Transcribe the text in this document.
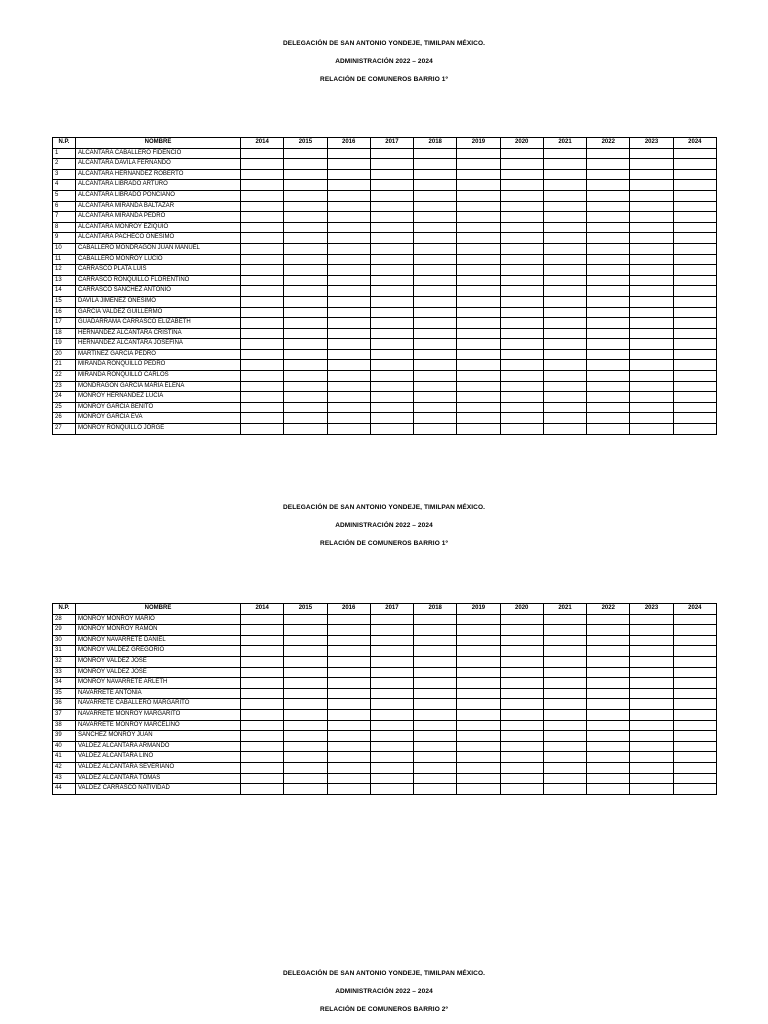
DELEGACIÓN DE SAN ANTONIO YONDEJE, TIMILPAN MÉXICO.

ADMINISTRACIÓN 2022 – 2024

RELACIÓN DE COMUNEROS BARRIO 1º

N.P.	NOMBRE	2014	2015	2016	2017	2018	2019	2020	2021	2022	2023	2024
1	ALCANTARA CABALLERO FIDENCIO											
2	ALCANTARA DAVILA FERNANDO											
3	ALCANTARA HERNANDEZ ROBERTO											
4	ALCANTARA LIBRADO ARTURO											
5	ALCANTARA LIBRADO PONCIANO											
6	ALCANTARA MIRANDA BALTAZAR											
7	ALCANTARA MIRANDA PEDRO											
8	ALCANTARA MONROY EZIQUIO											
9	ALCANTARA PACHECO ONESIMO											
10	CABALLERO MONDRAGON JUAN MANUEL											
11	CABALLERO MONROY LUCIO											
12	CARRASCO PLATA LUIS											
13	CARRASCO RONQUILLO FLORENTINO											
14	CARRASCO SANCHEZ ANTONIO											
15	DAVILA JIMENEZ ONESIMO											
16	GARCIA VALDEZ GUILLERMO											
17	GUADARRAMA CARRASCO ELIZABETH											
18	HERNANDEZ ALCANTARA CRISTINA											
19	HERNANDEZ ALCANTARA JOSEFINA											
20	MARTINEZ GARCIA PEDRO											
21	MIRANDA RONQUILLO PEDRO											
22	MIRANDA RONQUILLO CARLOS											
23	MONDRAGON GARCIA MARIA ELENA											
24	MONROY HERNANDEZ LUCIA											
25	MONROY GARCIA BENITO											
26	MONROY GARCIA EVA											
27	MONROY RONQUILLO JORGE											

DELEGACIÓN DE SAN ANTONIO YONDEJE, TIMILPAN MÉXICO.

ADMINISTRACIÓN 2022 – 2024

RELACIÓN DE COMUNEROS BARRIO 1º

N.P.	NOMBRE	2014	2015	2016	2017	2018	2019	2020	2021	2022	2023	2024
28	MONROY MONROY MARIO											
29	MONROY MONROY RAMON											
30	MONROY NAVARRETE DANIEL											
31	MONROY VALDEZ GREGORIO											
32	MONROY VALDEZ JOSE											
33	MONROY VALDEZ JOSE											
34	MONROY NAVARRETE ARLETH											
35	NAVARRETE ANTONIA											
36	NAVARRETE CABALLERO MARGARITO											
37	NAVARRETE MONROY MARGARITO											
38	NAVARRETE MONROY MARCELINO											
39	SANCHEZ MONROY JUAN											
40	VALDEZ ALCANTARA ARMANDO											
41	VALDEZ ALCANTARA LINO											
42	VALDEZ ALCANTARA SEVERIANO											
43	VALDEZ ALCANTARA TOMAS											
44	VALDEZ CARRASCO NATIVIDAD											

DELEGACIÓN DE SAN ANTONIO YONDEJE, TIMILPAN MÉXICO.

ADMINISTRACIÓN 2022 – 2024

RELACIÓN DE COMUNEROS BARRIO 2º
